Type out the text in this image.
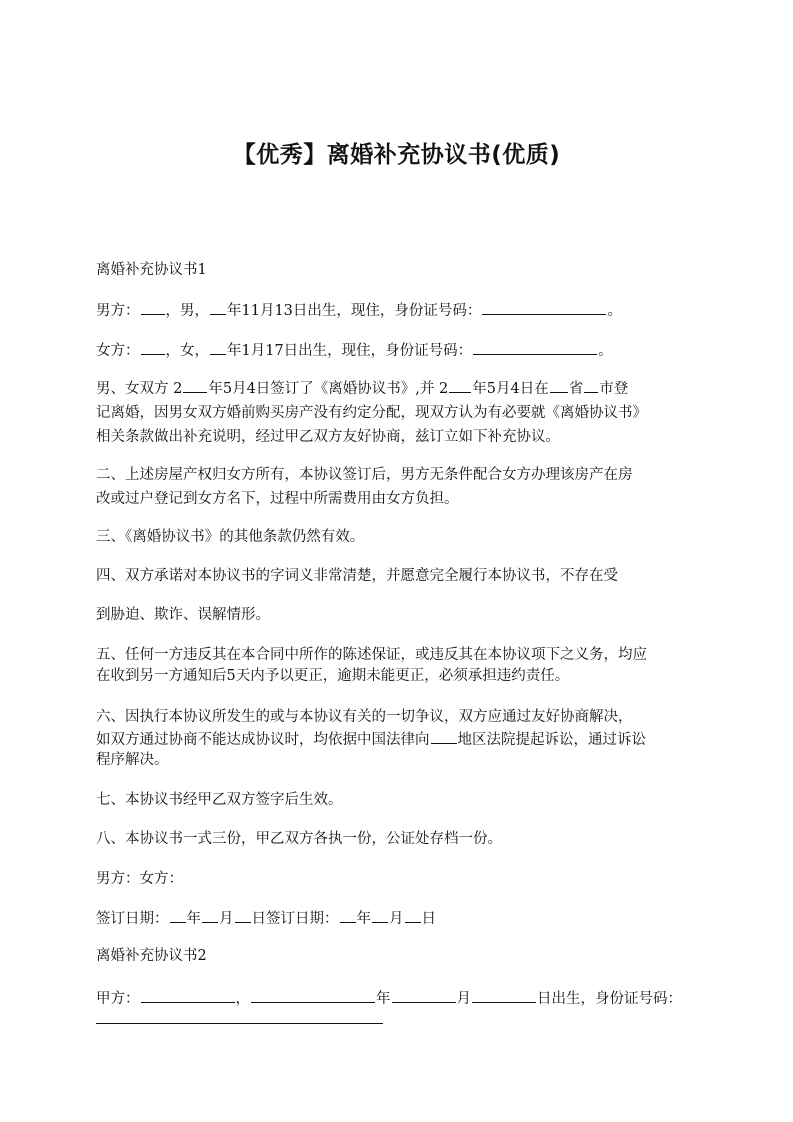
【优秀】离婚补充协议书(优质)
离婚补充协议书1
男方： ，男， 年11月13日出生，现住，身份证号码：	。
女方： ，女， 年1月17日出生，现住，身份证号码：	。
男、女双方 2 年5月4日签订了《离婚协议书》,并 2 年5月4日在 省 市登
记离婚，因男女双方婚前购买房产没有约定分配，现双方认为有必要就《离婚协议书》
相关条款做出补充说明，经过甲乙双方友好协商，兹订立如下补充协议。
二、上述房屋产权归女方所有，本协议签订后，男方无条件配合女方办理该房产在房
改或过户登记到女方名下，过程中所需费用由女方负担。
三、《离婚协议书》的其他条款仍然有效。
四、双方承诺对本协议书的字词义非常清楚，并愿意完全履行本协议书，不存在受
到胁迫、欺诈、误解情形。
五、任何一方违反其在本合同中所作的陈述保证，或违反其在本协议项下之义务，均应
在收到另一方通知后5天内予以更正，逾期未能更正，必须承担违约责任。
六、因执行本协议所发生的或与本协议有关的一切争议，双方应通过友好协商解决，
如双方通过协商不能达成协议时，均依据中国法律向 地区法院提起诉讼，通过诉讼
程序解决。
七、本协议书经甲乙双方签字后生效。
八、本协议书一式三份，甲乙双方各执一份，公证处存档一份。
男方：女方：
签订日期： 年 月 日签订日期： 年 月 日
离婚补充协议书2
甲方：	，	年	月	日出生，身份证号码：
